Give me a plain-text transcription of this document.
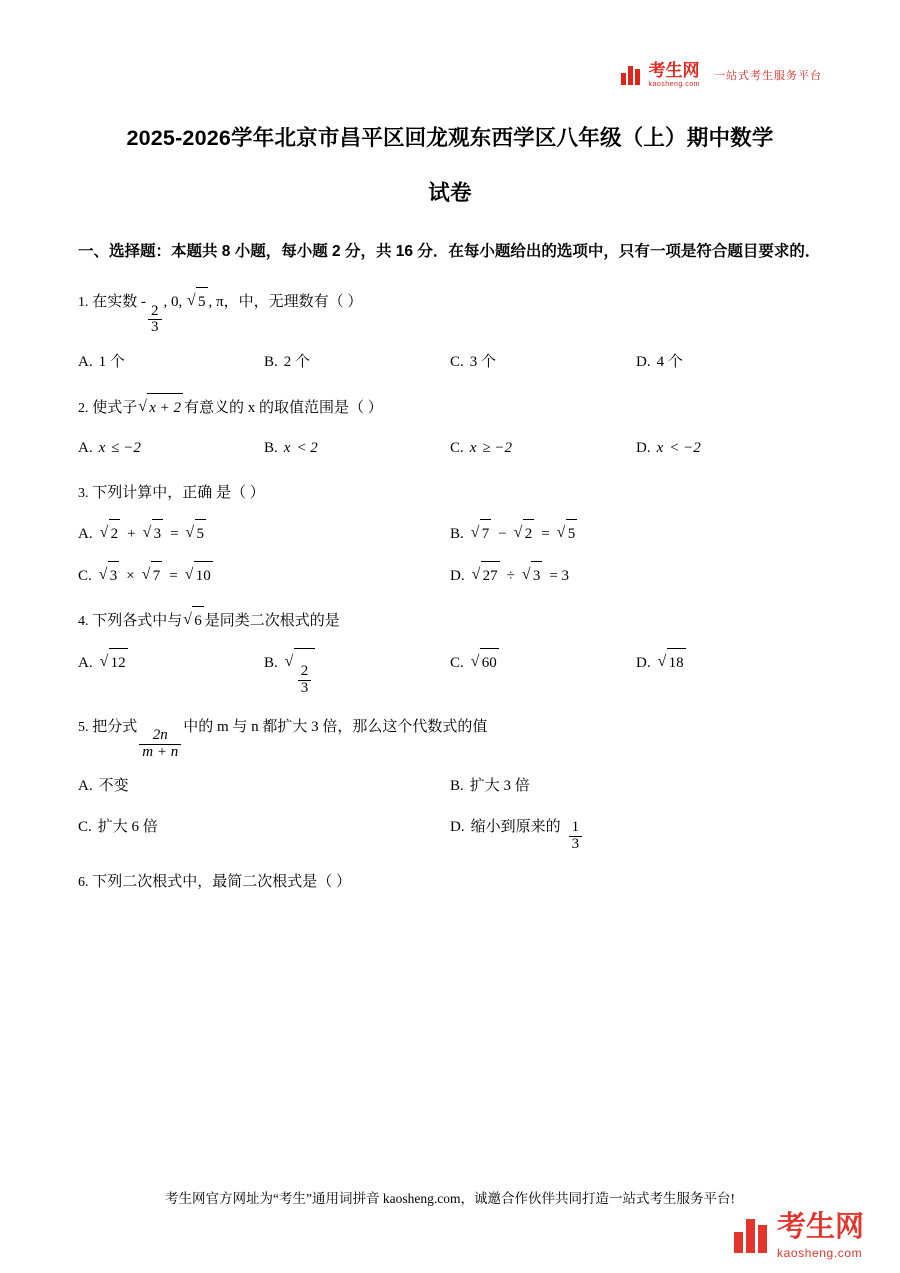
考生网
kaosheng.com
一站式考生服务平台
2025-2026学年北京市昌平区回龙观东西学区八年级（上）期中数学
试卷
一、选择题：本题共 8 小题，每小题 2 分，共 16 分．在每小题给出的选项中，只有一项是符合题目要求的．
1. 在实数 -
$\frac{2}{3}$
, 0, √ 5 , π，中，无理数有（ ）
A. 1 个	B. 2 个	C. 3 个	D. 4 个
2. 使式子 √ x + 2 有意义的 x 的取值范围是（ ）
A. x ≤ −2	B. x < 2	C. x ≥ −2	D. x < −2
3. 下列计算中，正确 是（ ）
A. √ 2 + √ 3 = √ 5	B. √ 7 − √ 2 = √ 5
C. √ 3 × √ 7 = √ 10	D. √ 27 ÷ √ 3 = 3
4. 下列各式中与 √ 6 是同类二次根式的是
A. √ 12	B. √
$\frac{2}{3}$
C. √ 60	D. √ 18
5. 把分式
$\frac{2n}{m + n}$
中的 m 与 n 都扩大 3 倍，那么这个代数式的值
A. 不变	B. 扩大 3 倍
C. 扩大 6 倍	D. 缩小到原来的 $\frac{1}{3}$
6. 下列二次根式中，最简二次根式是（ ）
考生网官方网址为“考生”通用词拼音 kaosheng.com，诚邀合作伙伴共同打造一站式考生服务平台!
考生网
kaosheng.com
